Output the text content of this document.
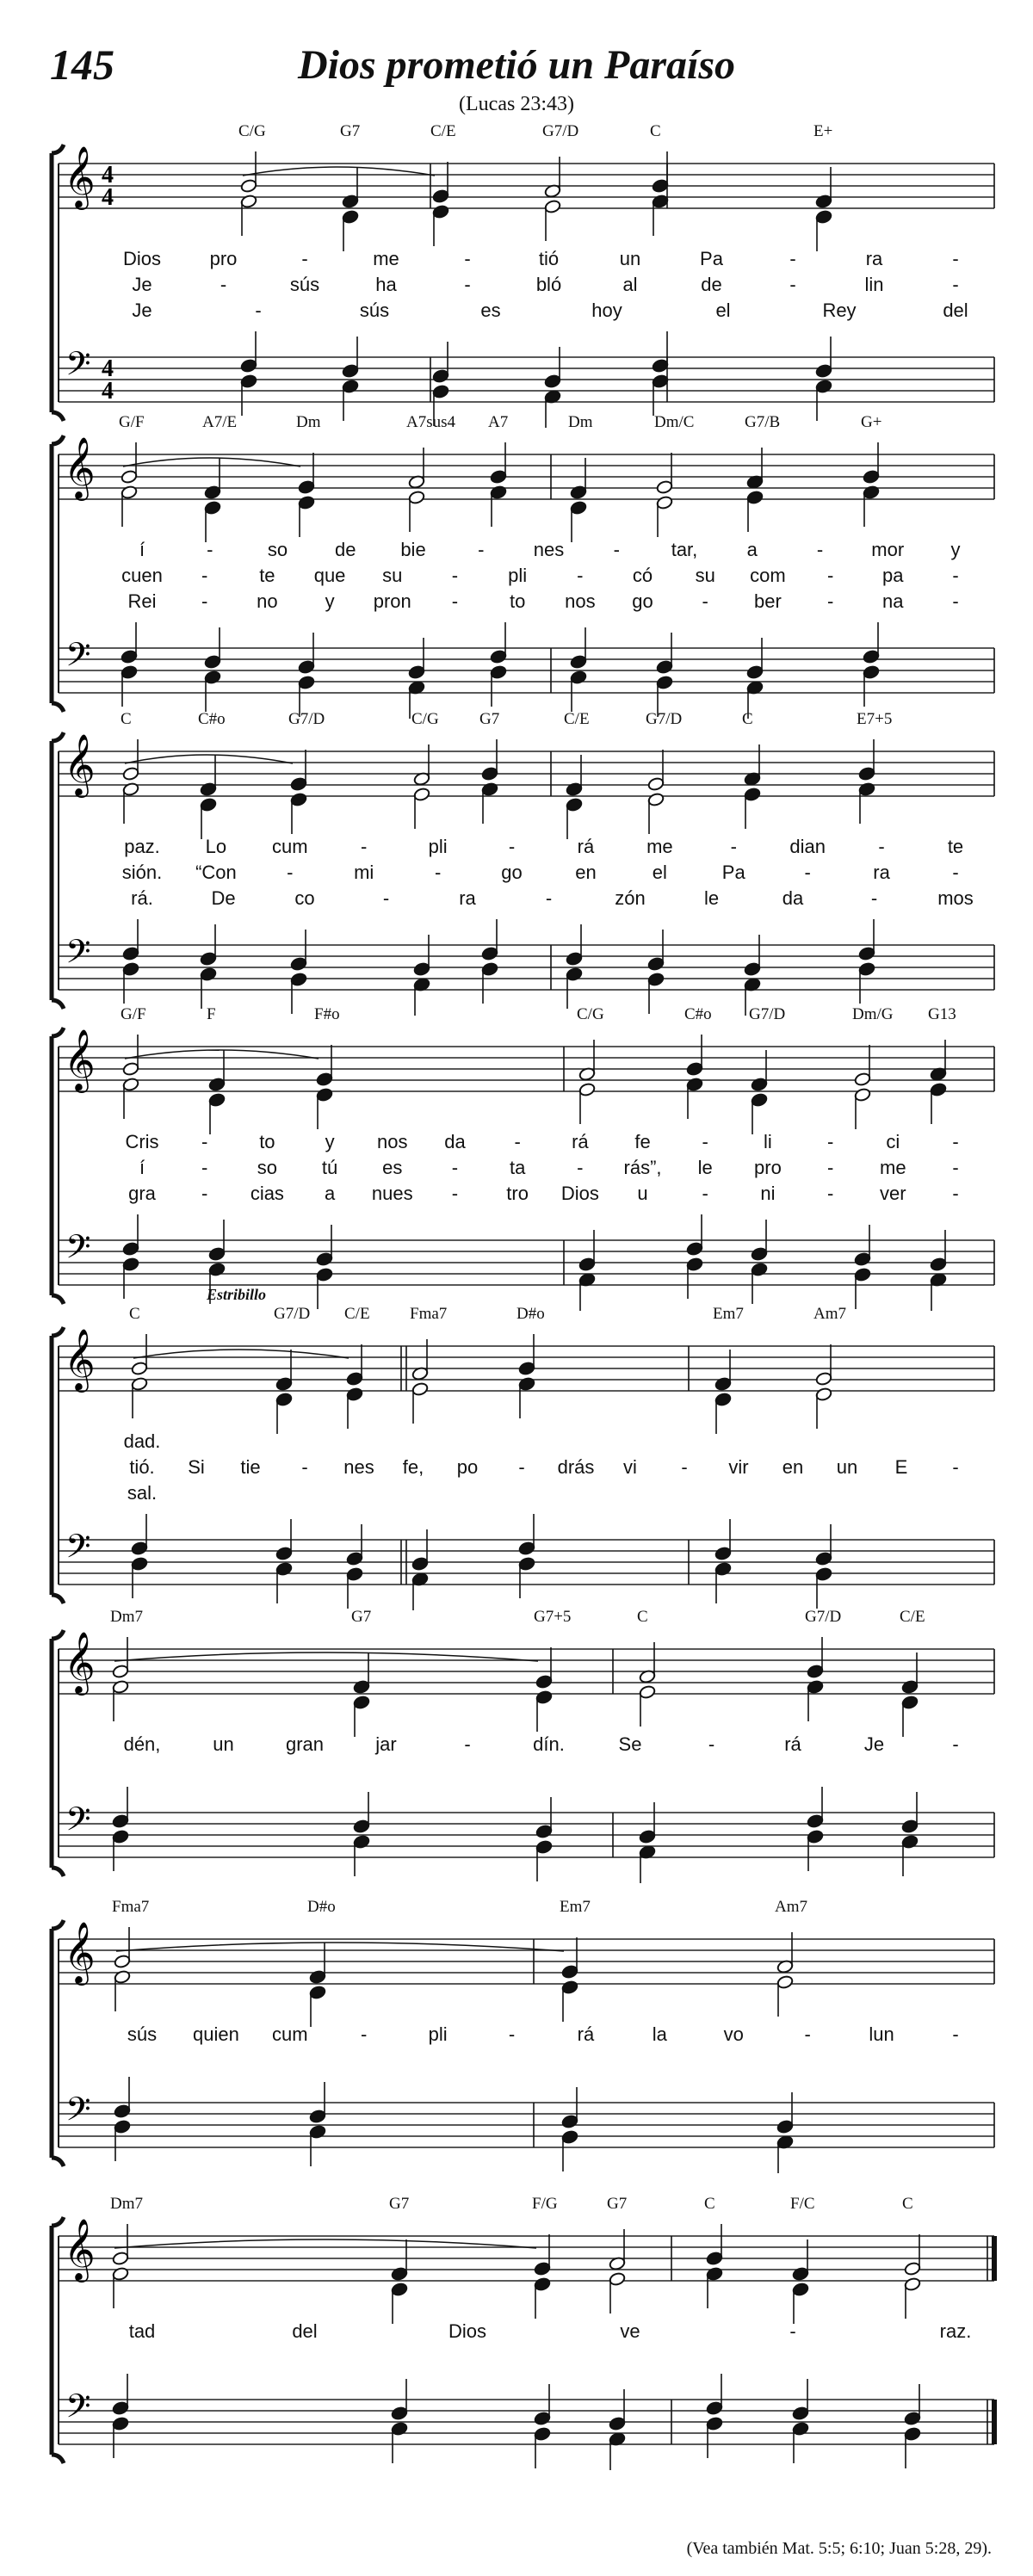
145	Dios prometió un Paraíso
(Lucas 23:43)
𝄞
𝄢
4
4
4
4
C/G	G7	C/E	G7/D	C	E+
Dios	pro	-	me	-	tió	un	Pa	-	ra	-
Je	-	sús	ha	-	bló	al	de	-	lin	-
Je	-	sús	es	hoy	el	Rey	del
𝄞
𝄢
G/F	A7/E	Dm	A7sus4 A7	Dm	Dm/C	G7/B	G+
í	-	so de bie	-	nes	-	tar,	a	-	mor y
cuen -	te que su	-	pli	-	có su com -	pa	-
Rei -	no y pron -	to nos go	- ber -	na	-
𝄞
𝄢
C	C#o	G7/D	C/G G7	C/E	G7/D	C	E7+5
paz. Lo cum	-	pli	-	rá	me	-	dian	-	te
sión. “Con	-	mi	-	go	en	el	Pa	-	ra	-
rá.	De	co	-	ra	-	zón	le	da	-	mos
𝄞
𝄢
G/F	F	F#o	C/G	C#o G7/D	Dm/G G13
Cris -	to	y nos da	-	rá fe	-	li	-	ci	-
í	-	so tú es	-	ta	- rás”, le pro - me -
gra - cias a nues -	tro Dios u	-	ni	- ver -
𝄞
𝄢
C	G7/D C/E Fma7	D#o	Em7	Am7
Estribillo
dad.
tió. Si tie - nes fe, po - drás vi - vir en un E -
sal.
𝄞
𝄢
Dm7	G7	G7+5	C	G7/D	C/E
dén,	un	gran	jar	-	dín.	Se	-	rá	Je	-
𝄞
𝄢
Fma7	D#o	Em7	Am7
sús quien cum	-	pli	-	rá	la	vo	-	lun	-
𝄞
𝄢
Dm7	G7	F/G	G7	C	F/C	C
tad	del	Dios	ve	-	raz.
(Vea también Mat. 5:5; 6:10; Juan 5:28, 29).
